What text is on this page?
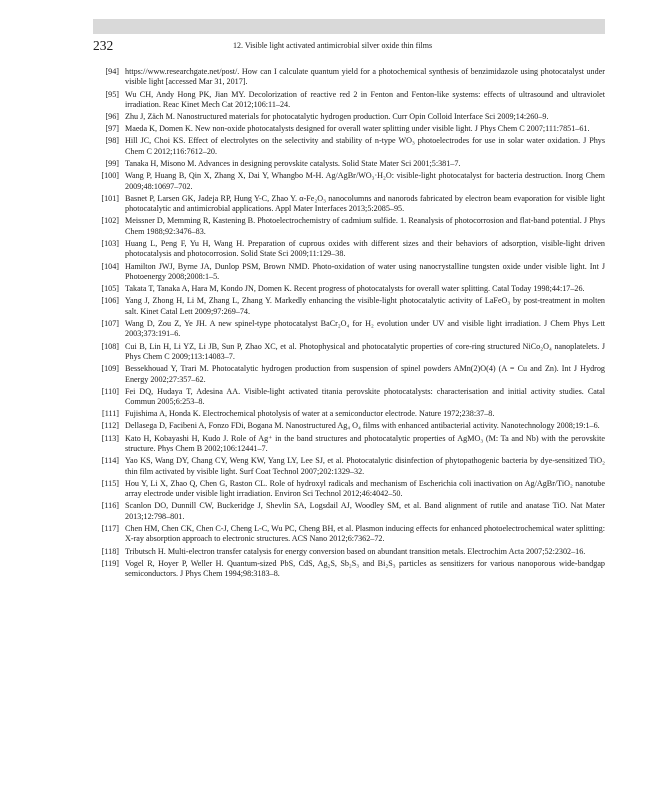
232	12. Visible light activated antimicrobial silver oxide thin films
[94] https://www.researchgate.net/post/. How can I calculate quantum yield for a photochemical synthesis of benzimidazole using photocatalyst under visible light [accessed Mar 31, 2017].
[95] Wu CH, Andy Hong PK, Jian MY. Decolorization of reactive red 2 in Fenton and Fenton-like systems: effects of ultrasound and ultraviolet irradiation. Reac Kinet Mech Cat 2012;106:11–24.
[96] Zhu J, Zäch M. Nanostructured materials for photocatalytic hydrogen production. Curr Opin Colloid Interface Sci 2009;14:260–9.
[97] Maeda K, Domen K. New non-oxide photocatalysts designed for overall water splitting under visible light. J Phys Chem C 2007;111:7851–61.
[98] Hill JC, Choi KS. Effect of electrolytes on the selectivity and stability of n-type WO₃ photoelectrodes for use in solar water oxidation. J Phys Chem C 2012;116:7612–20.
[99] Tanaka H, Misono M. Advances in designing perovskite catalysts. Solid State Mater Sci 2001;5:381–7.
[100] Wang P, Huang B, Qin X, Zhang X, Dai Y, Whangbo M-H. Ag/AgBr/WO₃·H₂O: visible-light photocatalyst for bacteria destruction. Inorg Chem 2009;48:10697–702.
[101] Basnet P, Larsen GK, Jadeja RP, Hung Y-C, Zhao Y. α-Fe₂O₃ nanocolumns and nanorods fabricated by electron beam evaporation for visible light photocatalytic and antimicrobial applications. Appl Mater Interfaces 2013;5:2085–95.
[102] Meissner D, Memming R, Kastening B. Photoelectrochemistry of cadmium sulfide. 1. Reanalysis of photocorrosion and flat-band potential. J Phys Chem 1988;92:3476–83.
[103] Huang L, Peng F, Yu H, Wang H. Preparation of cuprous oxides with different sizes and their behaviors of adsorption, visible-light driven photocatalysis and photocorrosion. Solid State Sci 2009;11:129–38.
[104] Hamilton JWJ, Byrne JA, Dunlop PSM, Brown NMD. Photo-oxidation of water using nanocrystalline tungsten oxide under visible light. Int J Photoenergy 2008;2008:1–5.
[105] Takata T, Tanaka A, Hara M, Kondo JN, Domen K. Recent progress of photocatalysts for overall water splitting. Catal Today 1998;44:17–26.
[106] Yang J, Zhong H, Li M, Zhang L, Zhang Y. Markedly enhancing the visible-light photocatalytic activity of LaFeO₃ by post-treatment in molten salt. Kinet Catal Lett 2009;97:269–74.
[107] Wang D, Zou Z, Ye JH. A new spinel-type photocatalyst BaCr₂O₄ for H₂ evolution under UV and visible light irradiation. J Chem Phys Lett 2003;373:191–6.
[108] Cui B, Lin H, Li YZ, Li JB, Sun P, Zhao XC, et al. Photophysical and photocatalytic properties of core-ring structured NiCo₂O₄ nanoplatelets. J Phys Chem C 2009;113:14083–7.
[109] Bessekhouad Y, Trari M. Photocatalytic hydrogen production from suspension of spinel powders AMn(2)O(4) (A = Cu and Zn). Int J Hydrog Energy 2002;27:357–62.
[110] Fei DQ, Hudaya T, Adesina AA. Visible-light activated titania perovskite photocatalysts: characterisation and initial activity studies. Catal Commun 2005;6:253–8.
[111] Fujishima A, Honda K. Electrochemical photolysis of water at a semiconductor electrode. Nature 1972;238:37–8.
[112] Dellasega D, Facibeni A, Fonzo FDi, Bogana M. Nanostructured Ag₄ O₄ films with enhanced antibacterial activity. Nanotechnology 2008;19:1–6.
[113] Kato H, Kobayashi H, Kudo J. Role of Ag⁺ in the band structures and photocatalytic properties of AgMO₃ (M: Ta and Nb) with the perovskite structure. Phys Chem B 2002;106:12441–7.
[114] Yao KS, Wang DY, Chang CY, Weng KW, Yang LY, Lee SJ, et al. Photocatalytic disinfection of phytopathogenic bacteria by dye-sensitized TiO₂ thin film activated by visible light. Surf Coat Technol 2007;202:1329–32.
[115] Hou Y, Li X, Zhao Q, Chen G, Raston CL. Role of hydroxyl radicals and mechanism of Escherichia coli inactivation on Ag/AgBr/TiO₂ nanotube array electrode under visible light irradiation. Environ Sci Technol 2012;46:4042–50.
[116] Scanlon DO, Dunnill CW, Buckeridge J, Shevlin SA, Logsdail AJ, Woodley SM, et al. Band alignment of rutile and anatase TiO. Nat Mater 2013;12:798–801.
[117] Chen HM, Chen CK, Chen C-J, Cheng L-C, Wu PC, Cheng BH, et al. Plasmon inducing effects for enhanced photoelectrochemical water splitting: X-ray absorption approach to electronic structures. ACS Nano 2012;6:7362–72.
[118] Tributsch H. Multi-electron transfer catalysis for energy conversion based on abundant transition metals. Electrochim Acta 2007;52:2302–16.
[119] Vogel R, Hoyer P, Weller H. Quantum-sized PbS, CdS, Ag₂S, Sb₂S₃ and Bi₂S₃ particles as sensitizers for various nanoporous wide-bandgap semiconductors. J Phys Chem 1994;98:3183–8.
